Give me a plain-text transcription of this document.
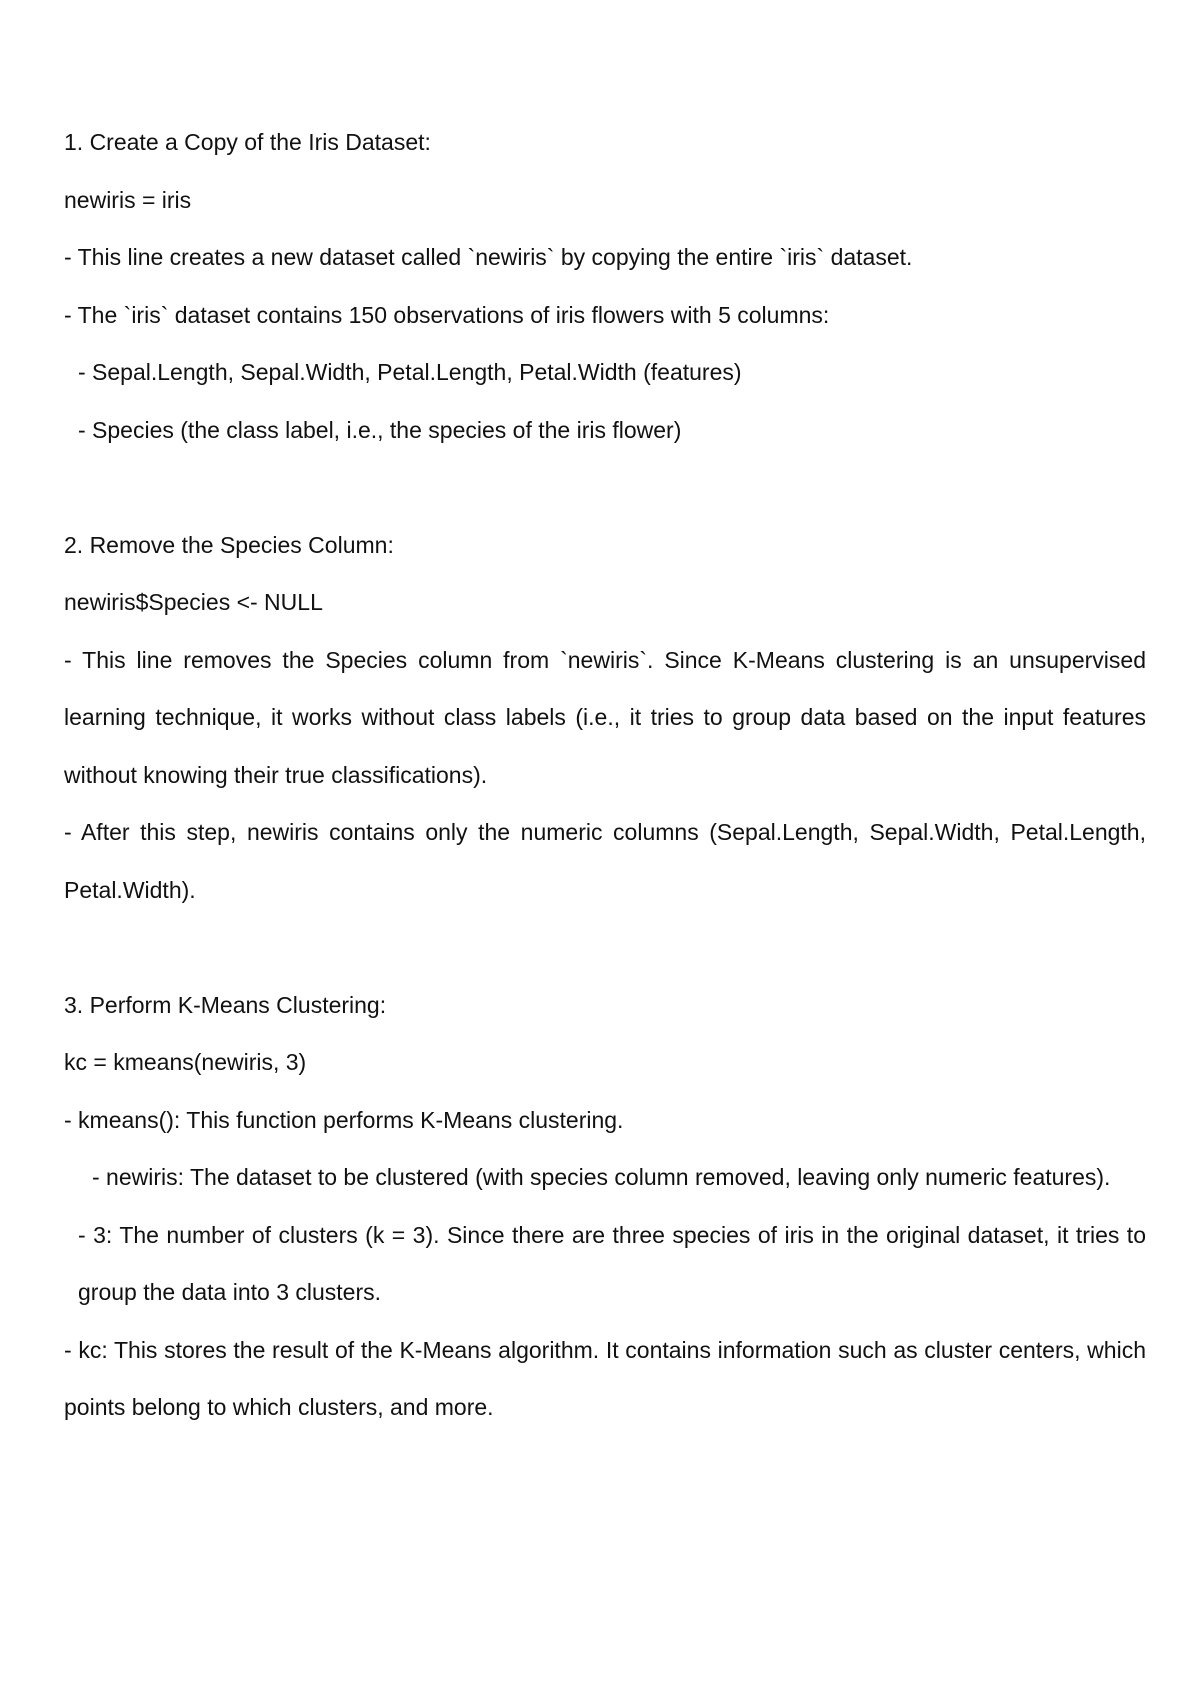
1. Create a Copy of the Iris Dataset:
newiris = iris
- This line creates a new dataset called `newiris` by copying the entire `iris` dataset.
- The `iris` dataset contains 150 observations of iris flowers with 5 columns:
- Sepal.Length, Sepal.Width, Petal.Length, Petal.Width (features)
- Species (the class label, i.e., the species of the iris flower)
2. Remove the Species Column:
newiris$Species <- NULL
- This line removes the Species column from `newiris`. Since K-Means clustering is an unsupervised learning technique, it works without class labels (i.e., it tries to group data based on the input features without knowing their true classifications).
- After this step, newiris contains only the numeric columns (Sepal.Length, Sepal.Width, Petal.Length, Petal.Width).
3. Perform K-Means Clustering:
kc = kmeans(newiris, 3)
- kmeans(): This function performs K-Means clustering.
- newiris: The dataset to be clustered (with species column removed, leaving only numeric features).
- 3: The number of clusters (k = 3). Since there are three species of iris in the original dataset, it tries to group the data into 3 clusters.
- kc: This stores the result of the K-Means algorithm. It contains information such as cluster centers, which points belong to which clusters, and more.
